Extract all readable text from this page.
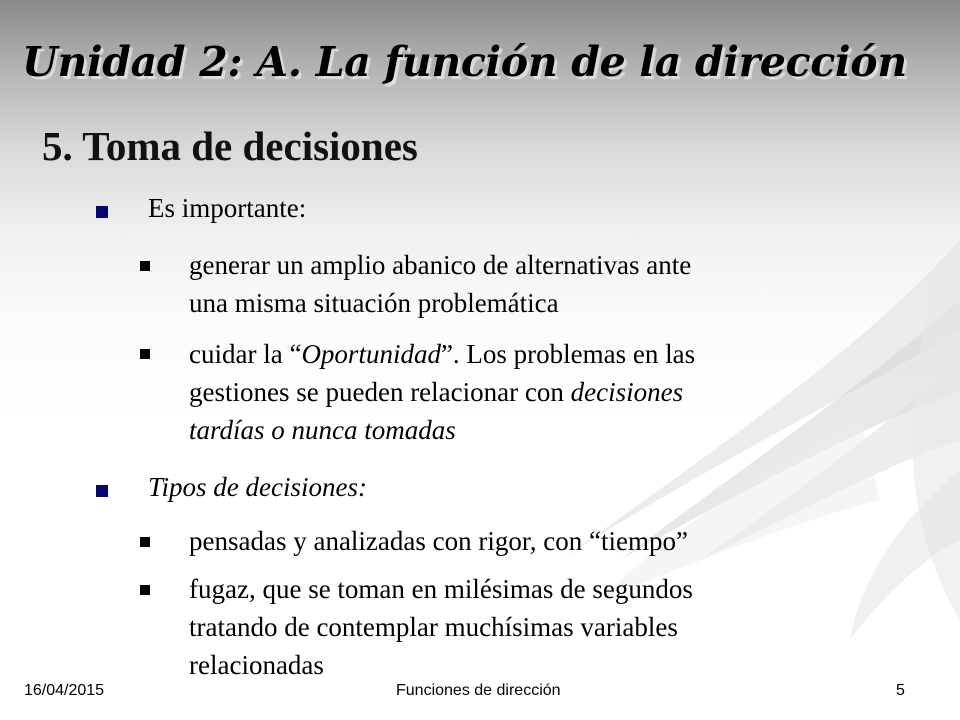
Unidad 2: A. La función de la dirección
5. Toma de decisiones
Es importante:
generar un amplio abanico de alternativas ante
una misma situación problemática
cuidar la “Oportunidad”. Los problemas en las
gestiones se pueden relacionar con decisiones
tardías o nunca tomadas
Tipos de decisiones:
pensadas y analizadas con rigor, con “tiempo”
fugaz, que se toman en milésimas de segundos
tratando de contemplar muchísimas variables
relacionadas
16/04/2015	Funciones de dirección	5
